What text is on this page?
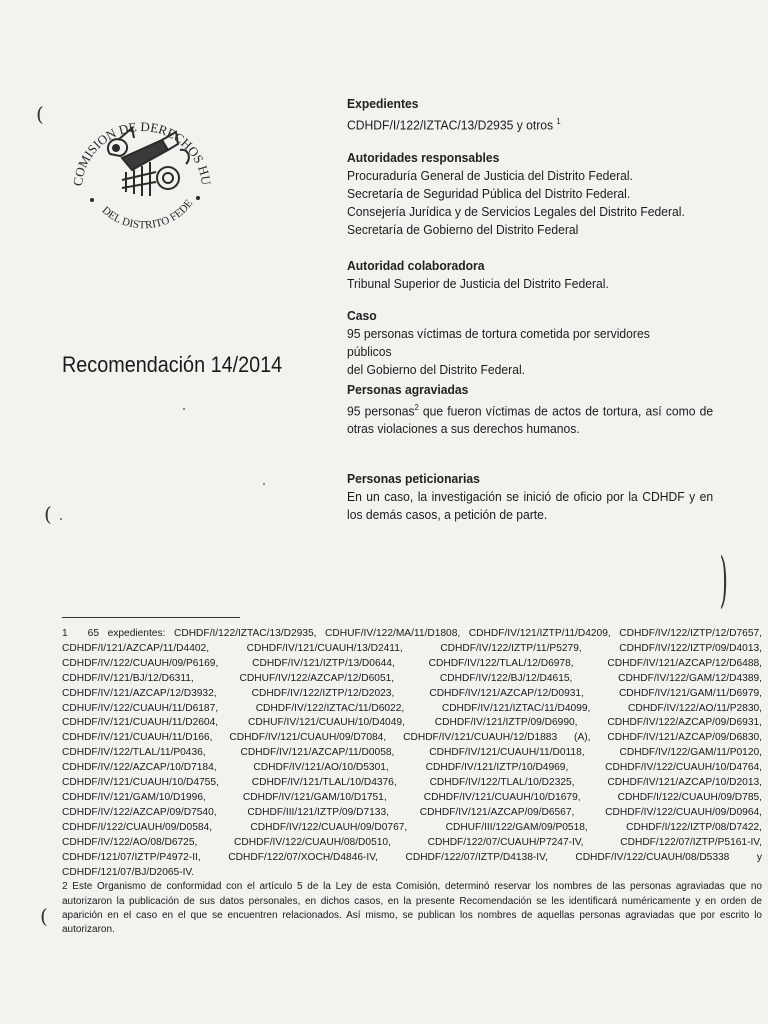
COMISION DE DERECHOS HU
DEL DISTRITO FEDE
Recomendación 14/2014
Expedientes
CDHDF/I/122/IZTAC/13/D2935 y otros $^1$
Autoridades responsables
Procuraduría General de Justicia del Distrito Federal.
Secretaría de Seguridad Pública del Distrito Federal.
Consejería Jurídica y de Servicios Legales del Distrito Federal.
Secretaría de Gobierno del Distrito Federal
Autoridad colaboradora
Tribunal Superior de Justicia del Distrito Federal.
Caso
95 personas víctimas de tortura cometida por servidores públicos
del Gobierno del Distrito Federal.
Personas agraviadas
95 personas$^2$ que fueron víctimas de actos de tortura, así como de otras violaciones a sus derechos humanos.
Personas peticionarias
En un caso, la investigación se inició de oficio por la CDHDF y en los demás casos, a petición de parte.
1 65 expedientes: CDHDF/I/122/IZTAC/13/D2935, CDHUF/IV/122/MA/11/D1808, CDHDF/IV/121/IZTP/11/D4209, CDHDF/IV/122/IZTP/12/D7657, CDHDF/I/121/AZCAP/11/D4402, CDHDF/IV/121/CUAUH/13/D2411, CDHDF/IV/122/IZTP/11/P5279, CDHDF/IV/122/IZTP/09/D4013, CDHDF/IV/122/CUAUH/09/P6169, CDHDF/IV/121/IZTP/13/D0644, CDHDF/IV/122/TLAL/12/D6978, CDHDF/IV/121/AZCAP/12/D6488, CDHDF/IV/121/BJ/12/D6311, CDHUF/IV/122/AZCAP/12/D6051, CDHDF/IV/122/BJ/12/D4615, CDHDF/IV/122/GAM/12/D4389, CDHDF/IV/121/AZCAP/12/D3932, CDHDF/IV/122/IZTP/12/D2023, CDHDF/IV/121/AZCAP/12/D0931, CDHDF/IV/121/GAM/11/D6979, CDHUF/IV/122/CUAUH/11/D6187, CDHDF/IV/122/IZTAC/11/D6022, CDHDF/IV/121/IZTAC/11/D4099, CDHDF/IV/122/AO/11/P2830, CDHDF/IV/121/CUAUH/11/D2604, CDHUF/IV/121/CUAUH/10/D4049, CDHDF/IV/121/IZTP/09/D6990, CDHDF/IV/122/AZCAP/09/D6931, CDHDF/IV/121/CUAUH/11/D166, CDHDF/IV/121/CUAUH/09/D7084, CDHDF/IV/121/CUAUH/12/D1883 (A), CDHDF/IV/121/AZCAP/09/D6830, CDHDF/IV/122/TLAL/11/P0436, CDHDF/IV/121/AZCAP/11/D0058, CDHDF/IV/121/CUAUH/11/D0118, CDHDF/IV/122/GAM/11/P0120, CDHDF/IV/122/AZCAP/10/D7184, CDHDF/IV/121/AO/10/D5301, CDHDF/IV/121/IZTP/10/D4969, CDHDF/IV/122/CUAUH/10/D4764, CDHDF/IV/121/CUAUH/10/D4755, CDHDF/IV/121/TLAL/10/D4376, CDHDF/IV/122/TLAL/10/D2325, CDHDF/IV/121/AZCAP/10/D2013, CDHDF/IV/121/GAM/10/D1996, CDHDF/IV/121/GAM/10/D1751, CDHDF/IV/121/CUAUH/10/D1679, CDHDF/I/122/CUAUH/09/D785, CDHDF/IV/122/AZCAP/09/D7540, CDHDF/III/121/IZTP/09/D7133, CDHDF/IV/121/AZCAP/09/D6567, CDHDF/IV/122/CUAUH/09/D0964, CDHDF/I/122/CUAUH/09/D0584, CDHDF/IV/122/CUAUH/09/D0767, CDHUF/III/122/GAM/09/P0518, CDHDF/I/122/IZTP/08/D7422, CDHDF/IV/122/AO/08/D6725, CDHDF/IV/122/CUAUH/08/D0510, CDHDF/122/07/CUAUH/P7247-IV, CDHDF/122/07/IZTP/P5161-IV, CDHDF/121/07/IZTP/P4972-II, CDHDF/122/07/XOCH/D4846-IV, CDHDF/122/07/IZTP/D4138-IV, CDHDF/IV/122/CUAUH/08/D5338 y CDHDF/121/07/BJ/D2065-IV.
2 Este Organismo de conformidad con el artículo 5 de la Ley de esta Comisión, determinó reservar los nombres de las personas agraviadas que no autorizaron la publicación de sus datos personales, en dichos casos, en la presente Recomendación se les identificará numéricamente y en orden de aparición en el caso en el que se encuentren relacionados. Así mismo, se publican los nombres de aquellas personas agraviadas que por escrito lo autorizaron.
(
(
(
)
